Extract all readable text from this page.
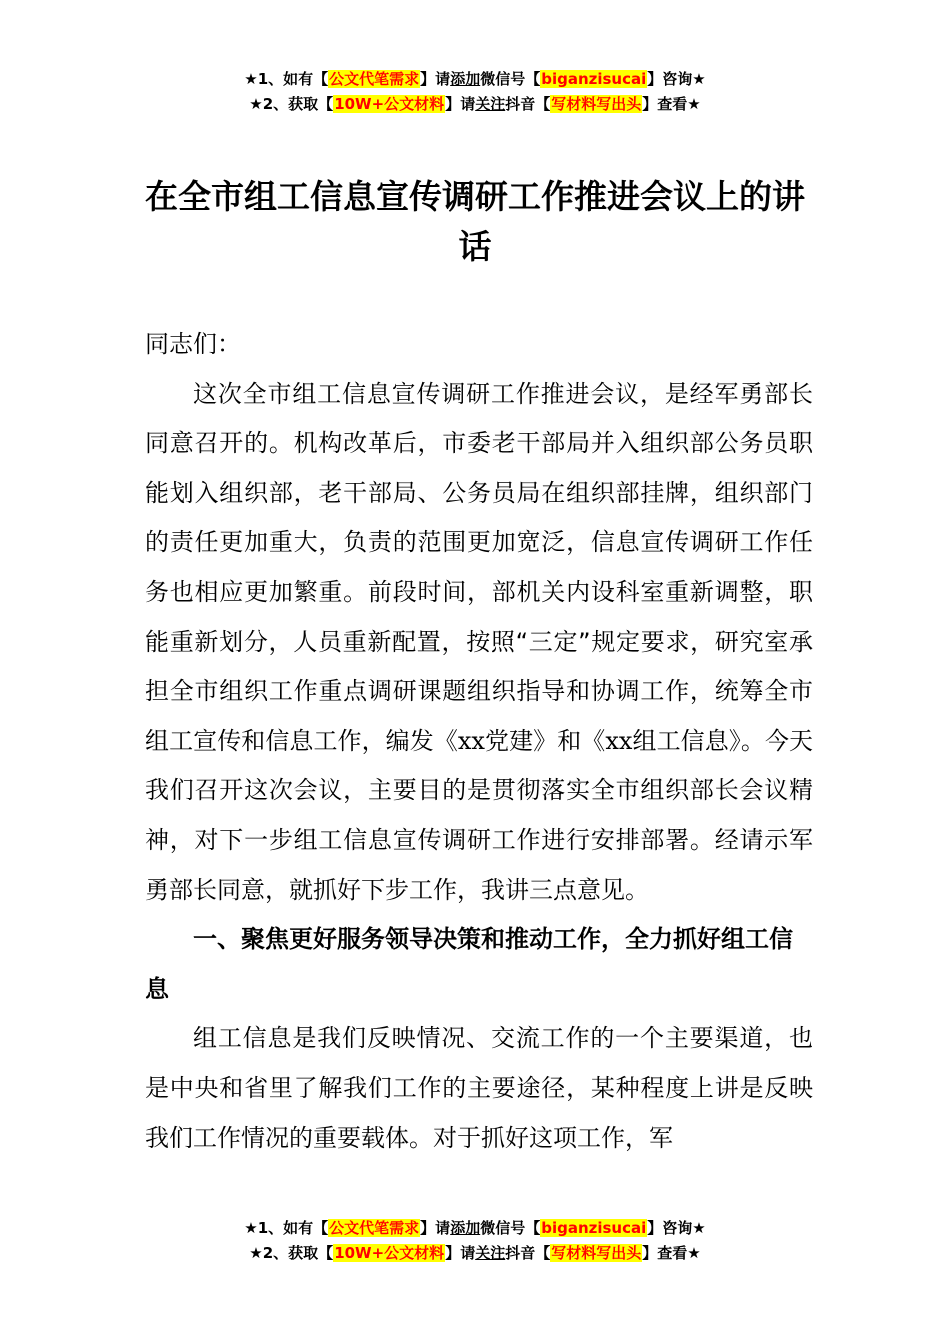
★1、如有【公文代笔需求】请添加微信号【biganzisucai】咨询★
★2、获取【10W+公文材料】请关注抖音【写材料写出头】查看★
在全市组工信息宣传调研工作推进会议上的讲话

同志们：

这次全市组工信息宣传调研工作推进会议，是经军勇部长同意召开的。机构改革后，市委老干部局并入组织部公务员职能划入组织部，老干部局、公务员局在组织部挂牌，组织部门的责任更加重大，负责的范围更加宽泛，信息宣传调研工作任务也相应更加繁重。前段时间，部机关内设科室重新调整，职能重新划分，人员重新配置，按照“三定”规定要求，研究室承担全市组织工作重点调研课题组织指导和协调工作，统筹全市组工宣传和信息工作，编发《xx党建》和《xx组工信息》。今天我们召开这次会议，主要目的是贯彻落实全市组织部长会议精神，对下一步组工信息宣传调研工作进行安排部署。经请示军勇部长同意，就抓好下步工作，我讲三点意见。

一、聚焦更好服务领导决策和推动工作，全力抓好组工信息

组工信息是我们反映情况、交流工作的一个主要渠道，也是中央和省里了解我们工作的主要途径，某种程度上讲是反映我们工作情况的重要载体。对于抓好这项工作，军

★1、如有【公文代笔需求】请添加微信号【biganzisucai】咨询★
★2、获取【10W+公文材料】请关注抖音【写材料写出头】查看★
